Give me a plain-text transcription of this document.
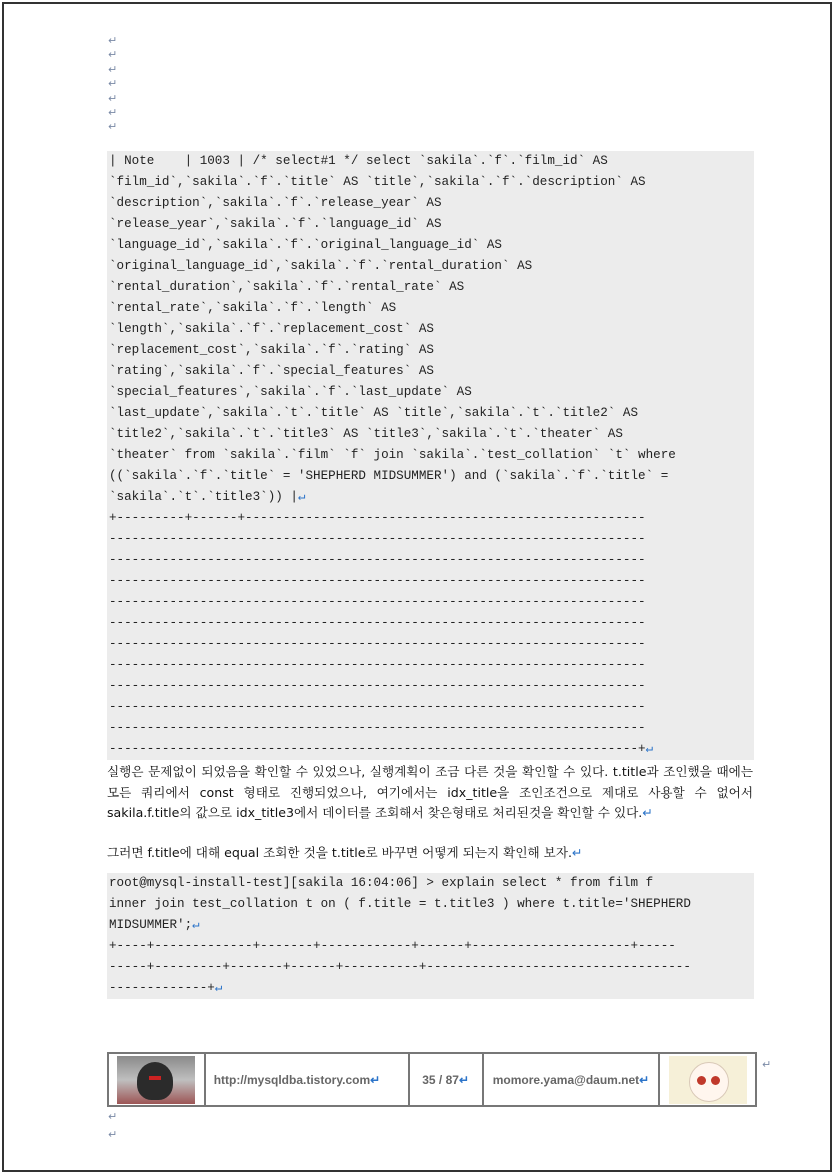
↵
↵
↵
↵
↵
↵
↵
| Note    | 1003 | /* select#1 */ select `sakila`.`f`.`film_id` AS
`film_id`,`sakila`.`f`.`title` AS `title`,`sakila`.`f`.`description` AS
`description`,`sakila`.`f`.`release_year` AS
`release_year`,`sakila`.`f`.`language_id` AS
`language_id`,`sakila`.`f`.`original_language_id` AS
`original_language_id`,`sakila`.`f`.`rental_duration` AS
`rental_duration`,`sakila`.`f`.`rental_rate` AS
`rental_rate`,`sakila`.`f`.`length` AS
`length`,`sakila`.`f`.`replacement_cost` AS
`replacement_cost`,`sakila`.`f`.`rating` AS
`rating`,`sakila`.`f`.`special_features` AS
`special_features`,`sakila`.`f`.`last_update` AS
`last_update`,`sakila`.`t`.`title` AS `title`,`sakila`.`t`.`title2` AS
`title2`,`sakila`.`t`.`title3` AS `title3`,`sakila`.`t`.`theater` AS
`theater` from `sakila`.`film` `f` join `sakila`.`test_collation` `t` where
((`sakila`.`f`.`title` = 'SHEPHERD MIDSUMMER') and (`sakila`.`f`.`title` =
`sakila`.`t`.`title3`)) |↵
+---------+------+-----------------------------------------------------
-----------------------------------------------------------------------
-----------------------------------------------------------------------
-----------------------------------------------------------------------
-----------------------------------------------------------------------
-----------------------------------------------------------------------
-----------------------------------------------------------------------
-----------------------------------------------------------------------
-----------------------------------------------------------------------
-----------------------------------------------------------------------
-----------------------------------------------------------------------
----------------------------------------------------------------------+↵
실행은 문제없이 되었음을 확인할 수 있었으나, 실행계획이 조금 다른 것을 확인할 수 있다. t.title과 조인했을 때에는 모든 쿼리에서 const 형태로 진행되었으나, 여기에서는 idx_title을 조인조건으로 제대로 사용할 수 없어서 sakila.f.title의 값으로 idx_title3에서 데이터를 조회해서 찾은형태로 처리된것을 확인할 수 있다.↵
그러면 f.title에 대해 equal 조회한 것을 t.title로 바꾸면 어떻게 되는지 확인해 보자.↵
root@mysql-install-test][sakila 16:04:06] > explain select * from film f
inner join test_collation t on ( f.title = t.title3 ) where t.title='SHEPHERD
MIDSUMMER';↵
+----+-------------+-------+------------+------+---------------------+-----
-----+---------+-------+------+----------+-----------------------------------
-------------+↵
	http://mysqldba.tistory.com↵	35 / 87↵	momore.yama@daum.net↵	
↵
↵
↵
